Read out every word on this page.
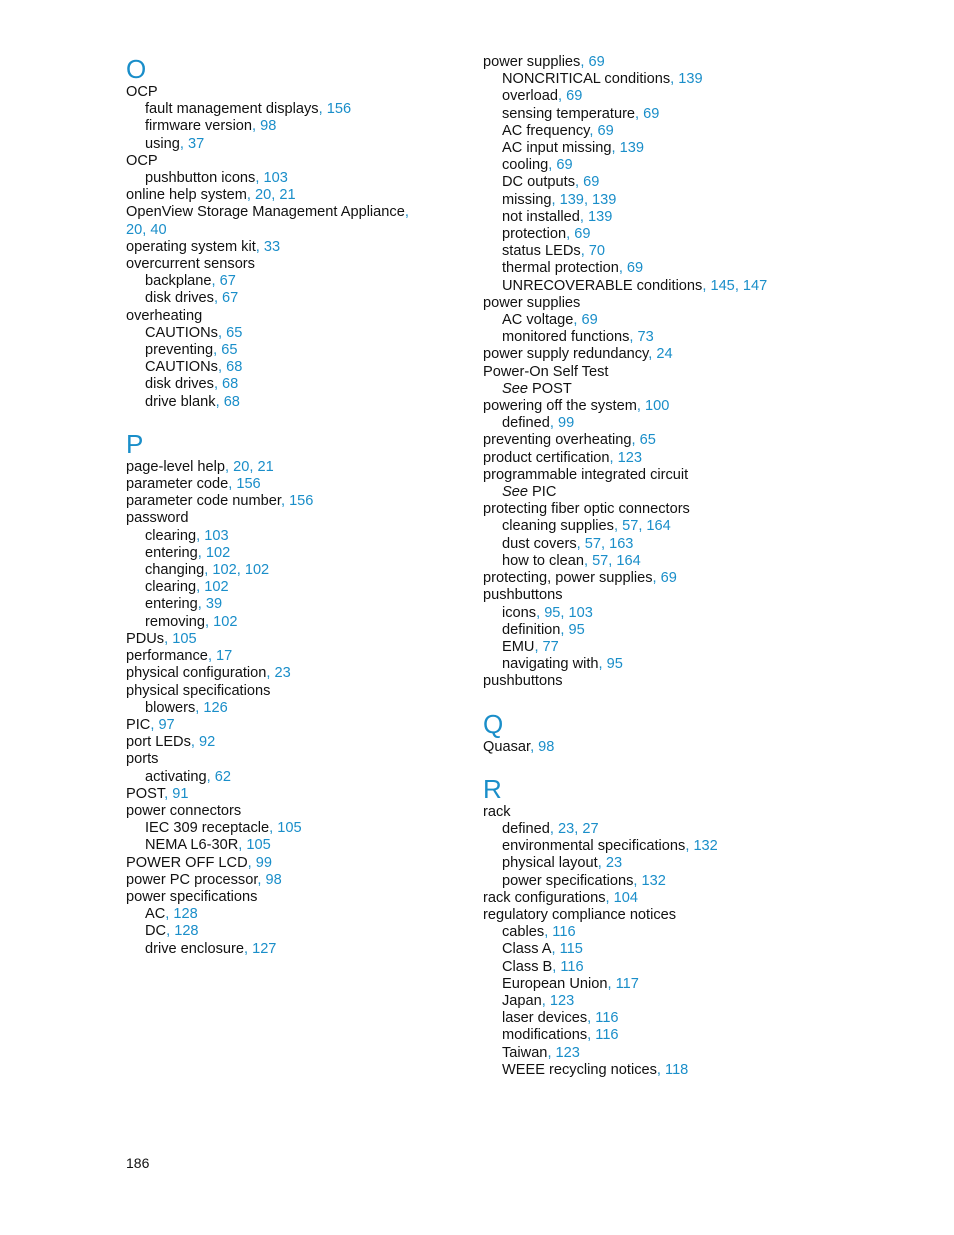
O
OCP
fault management displays, 156
firmware version, 98
using, 37
OCP
pushbutton icons, 103
online help system, 20, 21
OpenView Storage Management Appliance,
20, 40
operating system kit, 33
overcurrent sensors
backplane, 67
disk drives, 67
overheating
CAUTIONs, 65
preventing, 65
CAUTIONs, 68
disk drives, 68
drive blank, 68
P
page-level help, 20, 21
parameter code, 156
parameter code number, 156
password
clearing, 103
entering, 102
changing, 102, 102
clearing, 102
entering, 39
removing, 102
PDUs, 105
performance, 17
physical configuration, 23
physical specifications
blowers, 126
PIC, 97
port LEDs, 92
ports
activating, 62
POST, 91
power connectors
IEC 309 receptacle, 105
NEMA L6-30R, 105
POWER OFF LCD, 99
power PC processor, 98
power specifications
AC, 128
DC, 128
drive enclosure, 127
power supplies, 69
NONCRITICAL conditions, 139
overload, 69
sensing temperature, 69
AC frequency, 69
AC input missing, 139
cooling, 69
DC outputs, 69
missing, 139, 139
not installed, 139
protection, 69
status LEDs, 70
thermal protection, 69
UNRECOVERABLE conditions, 145, 147
power supplies
AC voltage, 69
monitored functions, 73
power supply redundancy, 24
Power-On Self Test
See POST
powering off the system, 100
defined, 99
preventing overheating, 65
product certification, 123
programmable integrated circuit
See PIC
protecting fiber optic connectors
cleaning supplies, 57, 164
dust covers, 57, 163
how to clean, 57, 164
protecting, power supplies, 69
pushbuttons
icons, 95, 103
definition, 95
EMU, 77
navigating with, 95
pushbuttons
Q
Quasar, 98
R
rack
defined, 23, 27
environmental specifications, 132
physical layout, 23
power specifications, 132
rack configurations, 104
regulatory compliance notices
cables, 116
Class A, 115
Class B, 116
European Union, 117
Japan, 123
laser devices, 116
modifications, 116
Taiwan, 123
WEEE recycling notices, 118
186
